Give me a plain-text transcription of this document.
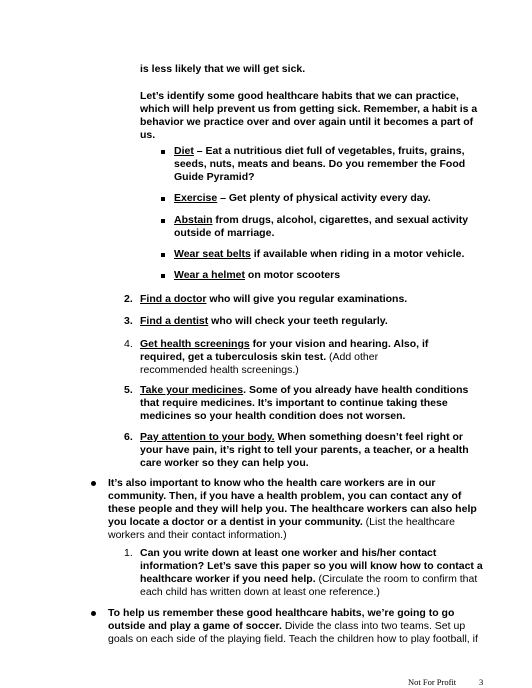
is less likely that we will get sick.
Let’s identify some good healthcare habits that we can practice, which will help prevent us from getting sick. Remember, a habit is a behavior we practice over and over again until it becomes a part of us.
Diet – Eat a nutritious diet full of vegetables, fruits, grains, seeds, nuts, meats and beans. Do you remember the Food Guide Pyramid?
Exercise – Get plenty of physical activity every day.
Abstain from drugs, alcohol, cigarettes, and sexual activity outside of marriage.
Wear seat belts if available when riding in a motor vehicle.
Wear a helmet on motor scooters
2. Find a doctor who will give you regular examinations.
3. Find a dentist who will check your teeth regularly.
4. Get health screenings for your vision and hearing. Also, if required, get a tuberculosis skin test. (Add other recommended health screenings.)
5. Take your medicines. Some of you already have health conditions that require medicines. It’s important to continue taking these medicines so your health condition does not worsen.
6. Pay attention to your body. When something doesn’t feel right or your have pain, it’s right to tell your parents, a teacher, or a health care worker so they can help you.
It’s also important to know who the health care workers are in our community. Then, if you have a health problem, you can contact any of these people and they will help you. The healthcare workers can also help you locate a doctor or a dentist in your community. (List the healthcare workers and their contact information.)
1. Can you write down at least one worker and his/her contact information? Let’s save this paper so you will know how to contact a healthcare worker if you need help. (Circulate the room to confirm that each child has written down at least one reference.)
To help us remember these good healthcare habits, we’re going to go outside and play a game of soccer. Divide the class into two teams. Set up goals on each side of the playing field. Teach the children how to play football, if
Not For Profit	3
